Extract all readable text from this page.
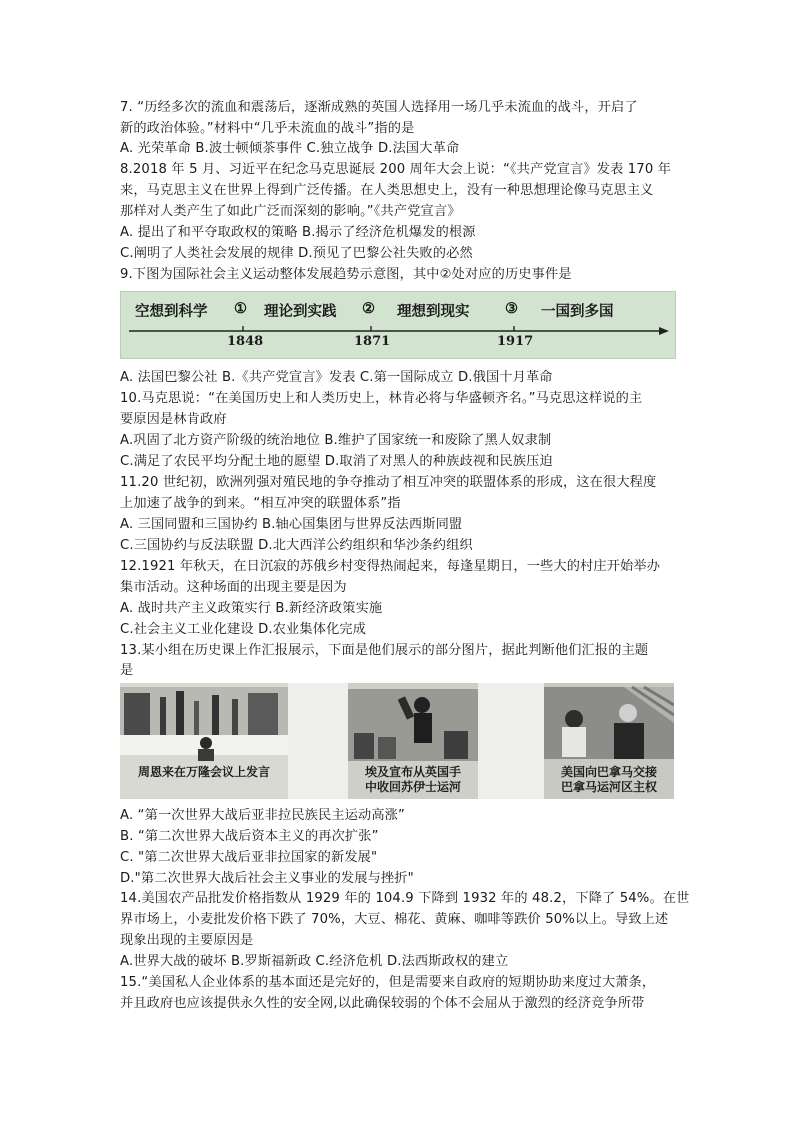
7. “历经多次的流血和震荡后，逐渐成熟的英国人选择用一场几乎未流血的战斗，开启了
新的政治体验。”材料中“几乎未流血的战斗”指的是
A. 光荣革命 B.波士顿倾茶事件 C.独立战争 D.法国大革命
8.2018 年 5 月、习近平在纪念马克思诞辰 200 周年大会上说：“《共产党宣言》发表 170 年
来，马克思主义在世界上得到广泛传播。在人类思想史上，没有一种思想理论像马克思主义
那样对人类产生了如此广泛而深刻的影响。”《共产党宣言》
A. 提出了和平夺取政权的策略 B.揭示了经济危机爆发的根源
C.阐明了人类社会发展的规律 D.预见了巴黎公社失败的必然
9.下图为国际社会主义运动整体发展趋势示意图，其中②处对应的历史事件是
空想到科学 ① 理论到实践 ② 理想到现实 ③ 一国到多国
1848	1871	1917
A. 法国巴黎公社 B.《共产党宣言》发表 C.第一国际成立 D.俄国十月革命
10.马克思说：“在美国历史上和人类历史上，林肯必将与华盛顿齐名。”马克思这样说的主
要原因是林肯政府
A.巩固了北方资产阶级的统治地位 B.维护了国家统一和废除了黑人奴隶制
C.满足了农民平均分配土地的愿望 D.取消了对黑人的种族歧视和民族压迫
11.20 世纪初，欧洲列强对殖民地的争夺推动了相互冲突的联盟体系的形成，这在很大程度
上加速了战争的到来。“相互冲突的联盟体系”指
A. 三国同盟和三国协约 B.轴心国集团与世界反法西斯同盟
C.三国协约与反法联盟 D.北大西洋公约组织和华沙条约组织
12.1921 年秋天，在日沉寂的苏俄乡村变得热闹起来，每逢星期日，一些大的村庄开始举办
集市活动。这种场面的出现主要是因为
A. 战时共产主义政策实行 B.新经济政策实施
C.社会主义工业化建设 D.农业集体化完成
13.某小组在历史课上作汇报展示，下面是他们展示的部分图片，据此判断他们汇报的主题
是
周恩来在万隆会议上发言	埃及宣布从英国手
中收回苏伊士运河
美国向巴拿马交接
巴拿马运河区主权
A. “第一次世界大战后亚非拉民族民主运动高涨”
B. “第二次世界大战后资本主义的再次扩张”
C. "第二次世界大战后亚非拉国家的新发展"
D."第二次世界大战后社会主义事业的发展与挫折"
14.美国农产品批发价格指数从 1929 年的 104.9 下降到 1932 年的 48.2，下降了 54%。在世
界市场上，小麦批发价格下跌了 70%，大豆、棉花、黄麻、咖啡等跌价 50%以上。导致上述
现象出现的主要原因是
A.世界大战的破坏 B.罗斯福新政 C.经济危机 D.法西斯政权的建立
15.“美国私人企业体系的基本面还是完好的，但是需要来自政府的短期协助来度过大萧条，
并且政府也应该提供永久性的安全网,以此确保较弱的个体不会屈从于激烈的经济竞争所带
